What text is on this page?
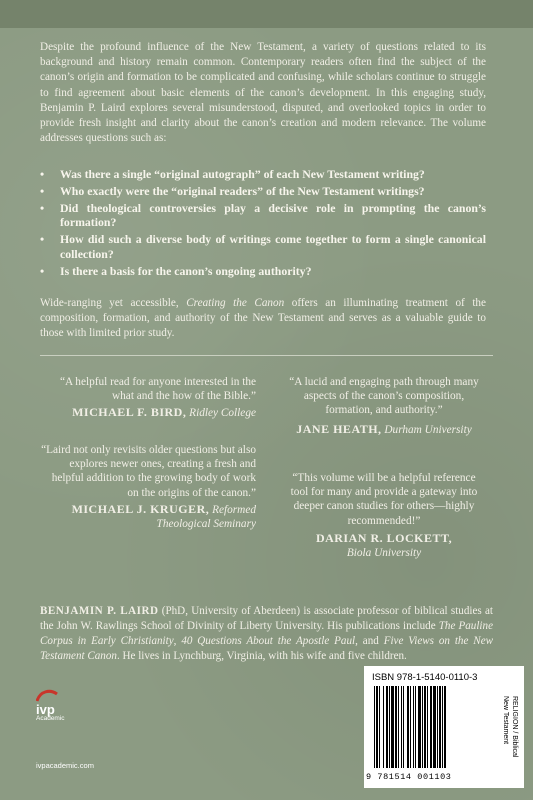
Despite the profound influence of the New Testament, a variety of questions related to its background and history remain common. Contemporary readers often find the subject of the canon’s origin and formation to be complicated and confusing, while scholars continue to struggle to find agreement about basic elements of the canon’s development. In this engaging study, Benjamin P. Laird explores several misunderstood, disputed, and overlooked topics in order to provide fresh insight and clarity about the canon’s creation and modern relevance. The volume addresses questions such as:

• Was there a single “original autograph” of each New Testament writing?
• Who exactly were the “original readers” of the New Testament writings?
• Did theological controversies play a decisive role in prompting the canon’s formation?
• How did such a diverse body of writings come together to form a single canonical collection?
• Is there a basis for the canon’s ongoing authority?

Wide-ranging yet accessible, Creating the Canon offers an illuminating treatment of the composition, formation, and authority of the New Testament and serves as a valuable guide to those with limited prior study.

“A helpful read for anyone interested in the what and the how of the Bible.”
MICHAEL F. BIRD, Ridley College
“Laird not only revisits older questions but also explores newer ones, creating a fresh and helpful addition to the growing body of work on the origins of the canon.”
MICHAEL J. KRUGER, Reformed Theological Seminary
“A lucid and engaging path through many aspects of the canon’s composition, formation, and authority.”
JANE HEATH, Durham University
“This volume will be a helpful reference tool for many and provide a gateway into deeper canon studies for others—highly recommended!”
DARIAN R. LOCKETT,
Biola University

BENJAMIN P. LAIRD (PhD, University of Aberdeen) is associate professor of biblical studies at the John W. Rawlings School of Divinity of Liberty University. His publications include The Pauline Corpus in Early Christianity, 40 Questions About the Apostle Paul, and Five Views on the New Testament Canon. He lives in Lynchburg, Virginia, with his wife and five children.

ivp
Academic
ivpacademic.com
ISBN 978-1-5140-0110-3
9 781514 001103
RELIGION / Biblical
New Testament
